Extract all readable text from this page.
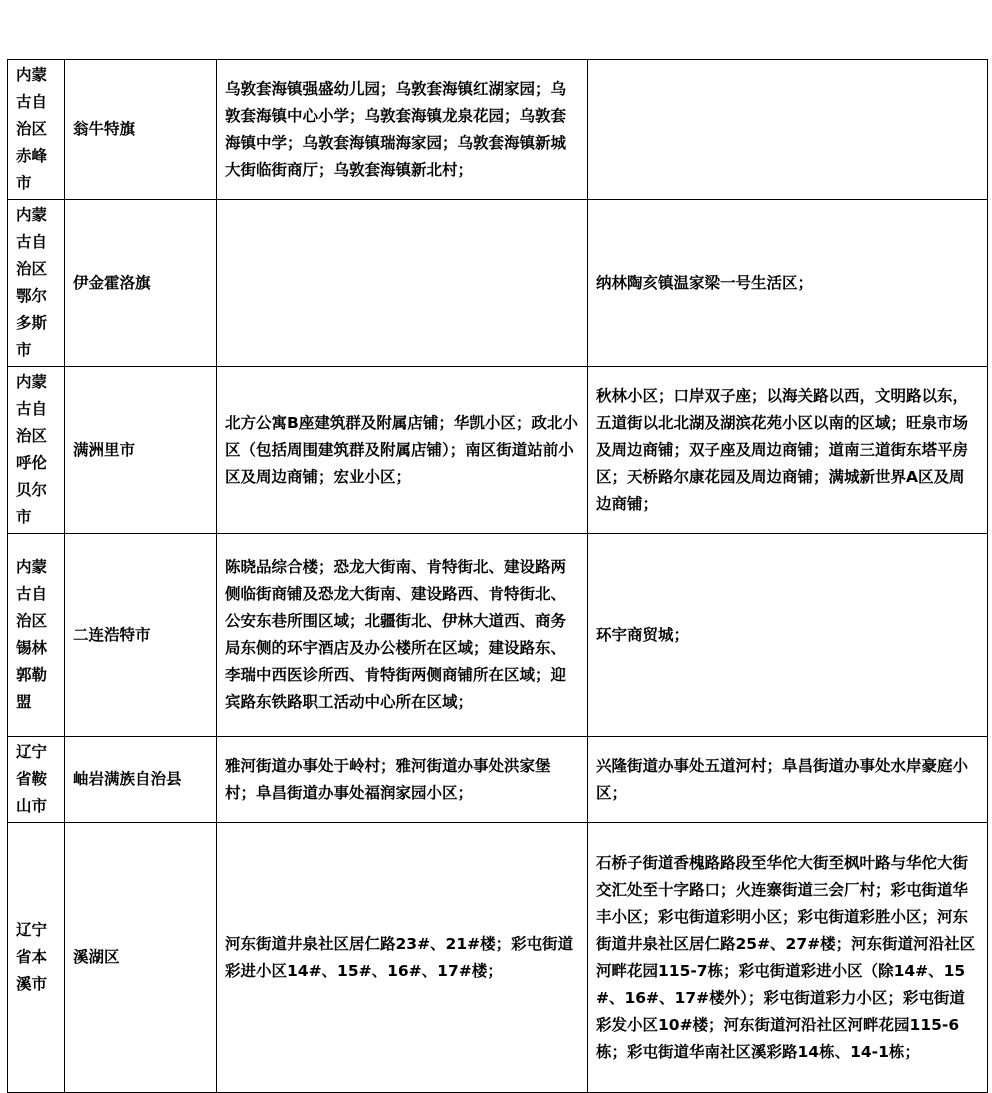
内蒙古自治区赤峰市	翁牛特旗	乌敦套海镇强盛幼儿园；乌敦套海镇红湖家园；乌敦套海镇中心小学；乌敦套海镇龙泉花园；乌敦套海镇中学；乌敦套海镇瑞海家园；乌敦套海镇新城大街临街商厅；乌敦套海镇新北村；	
内蒙古自治区鄂尔多斯市	伊金霍洛旗		纳林陶亥镇温家梁一号生活区；
内蒙古自治区呼伦贝尔市	满洲里市	北方公寓B座建筑群及附属店铺；华凯小区；政北小区（包括周围建筑群及附属店铺）；南区街道站前小区及周边商铺；宏业小区；	秋林小区；口岸双子座；以海关路以西，文明路以东，五道街以北北湖及湖滨花苑小区以南的区域；旺泉市场及周边商铺；双子座及周边商铺；道南三道街东塔平房区；天桥路尔康花园及周边商铺；满城新世界A区及周边商铺；
内蒙古自治区锡林郭勒盟	二连浩特市	陈晓品综合楼；恐龙大街南、肯特街北、建设路两侧临街商铺及恐龙大街南、建设路西、肯特街北、公安东巷所围区域；北疆街北、伊林大道西、商务局东侧的环宇酒店及办公楼所在区域；建设路东、李瑞中西医诊所西、肯特街两侧商铺所在区域；迎宾路东铁路职工活动中心所在区域；	环宇商贸城；
辽宁省鞍山市	岫岩满族自治县	雅河街道办事处于岭村；雅河街道办事处洪家堡村；阜昌街道办事处福润家园小区；	兴隆街道办事处五道河村；阜昌街道办事处水岸豪庭小区；
辽宁省本溪市	溪湖区	河东街道井泉社区居仁路23#、21#楼；彩屯街道彩进小区14#、15#、16#、17#楼；	石桥子街道香槐路路段至华佗大街至枫叶路与华佗大街交汇处至十字路口；火连寨街道三会厂村；彩屯街道华丰小区；彩屯街道彩明小区；彩屯街道彩胜小区；河东街道井泉社区居仁路25#、27#楼；河东街道河沿社区河畔花园115-7栋；彩屯街道彩进小区（除14#、15#、16#、17#楼外）；彩屯街道彩力小区；彩屯街道彩发小区10#楼；河东街道河沿社区河畔花园115-6栋；彩屯街道华南社区溪彩路14栋、14-1栋；
